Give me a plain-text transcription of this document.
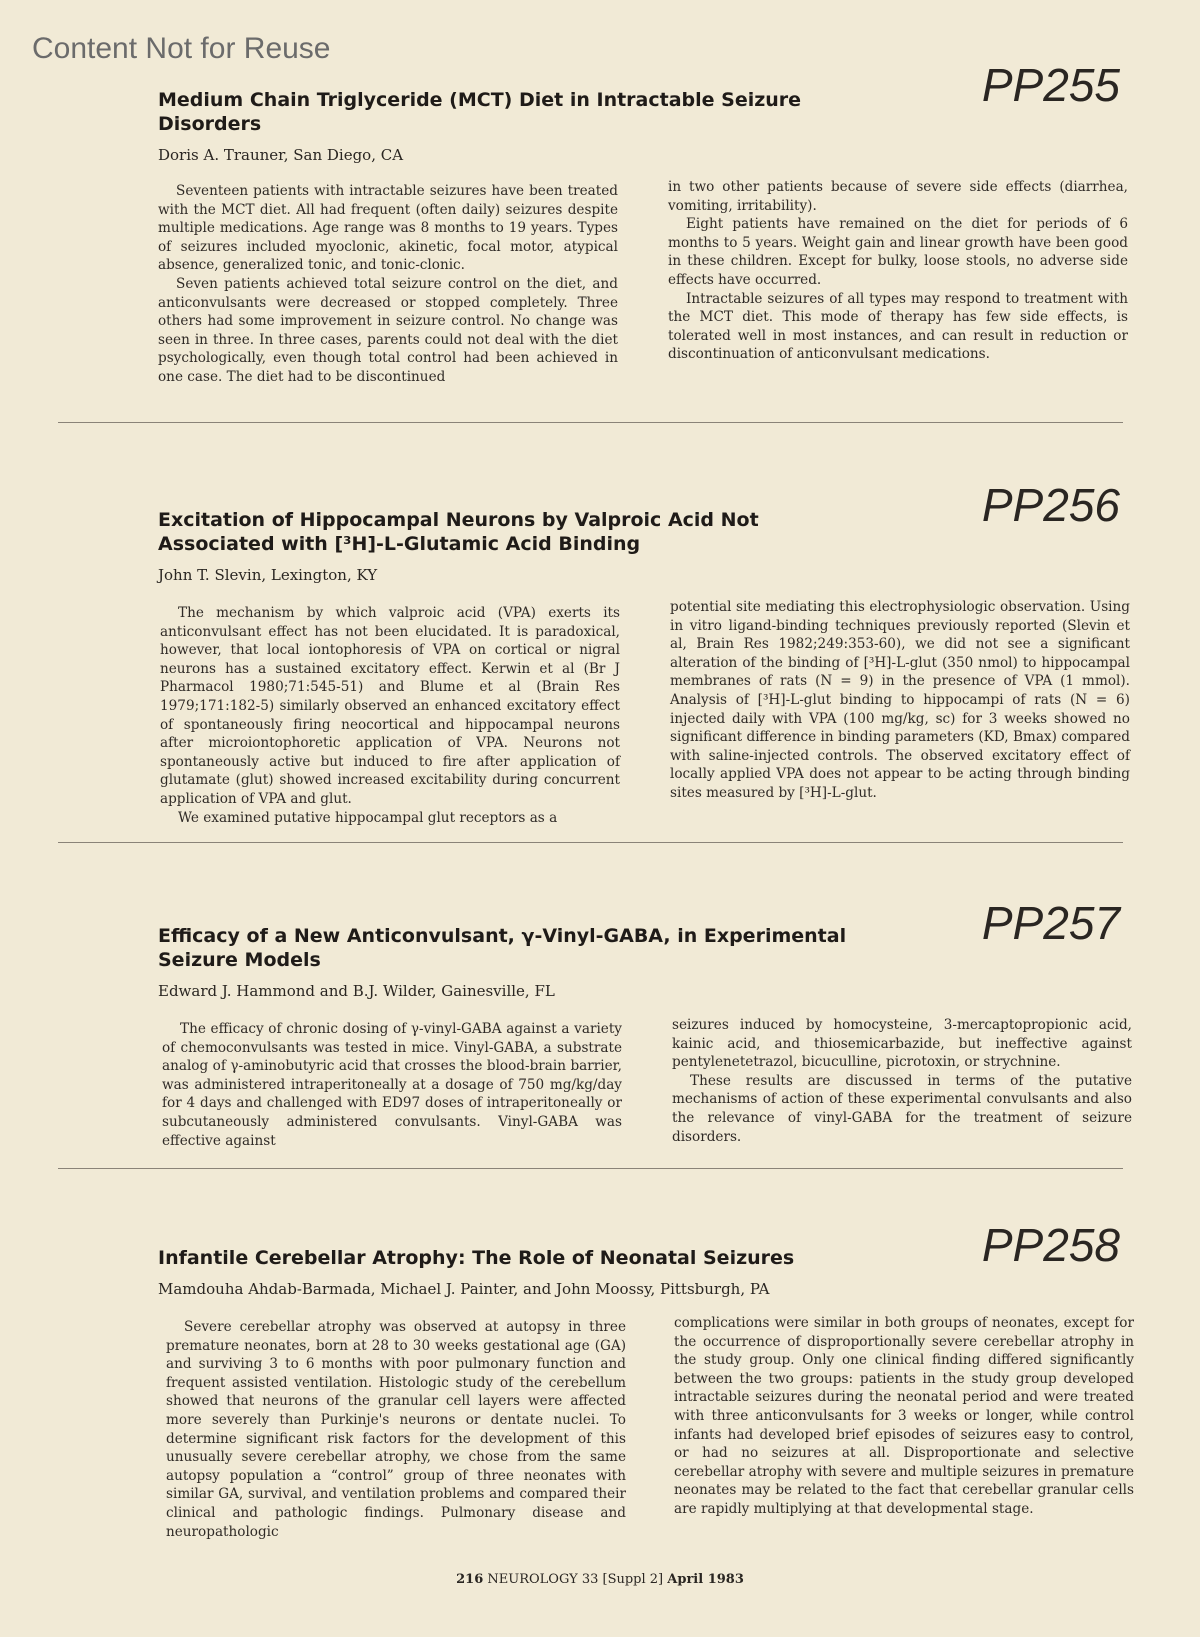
Content Not for Reuse
PP255
Medium Chain Triglyceride (MCT) Diet in Intractable Seizure Disorders
Doris A. Trauner, San Diego, CA

Seventeen patients with intractable seizures have been treated with the MCT diet. All had frequent (often daily) seizures despite multiple medications. Age range was 8 months to 19 years. Types of seizures included myoclonic, akinetic, focal motor, atypical absence, generalized tonic, and tonic-clonic.

Seven patients achieved total seizure control on the diet, and anticonvulsants were decreased or stopped completely. Three others had some improvement in seizure control. No change was seen in three. In three cases, parents could not deal with the diet psychologically, even though total control had been achieved in one case. The diet had to be discontinued

in two other patients because of severe side effects (diarrhea, vomiting, irritability).

Eight patients have remained on the diet for periods of 6 months to 5 years. Weight gain and linear growth have been good in these children. Except for bulky, loose stools, no adverse side effects have occurred.

Intractable seizures of all types may respond to treatment with the MCT diet. This mode of therapy has few side effects, is tolerated well in most instances, and can result in reduction or discontinuation of anticonvulsant medications.

PP256
Excitation of Hippocampal Neurons by Valproic Acid Not Associated with [³H]-L-Glutamic Acid Binding
John T. Slevin, Lexington, KY

The mechanism by which valproic acid (VPA) exerts its anticonvulsant effect has not been elucidated. It is paradoxical, however, that local iontophoresis of VPA on cortical or nigral neurons has a sustained excitatory effect. Kerwin et al (Br J Pharmacol 1980;71:545-51) and Blume et al (Brain Res 1979;171:182-5) similarly observed an enhanced excitatory effect of spontaneously firing neocortical and hippocampal neurons after microiontophoretic application of VPA. Neurons not spontaneously active but induced to fire after application of glutamate (glut) showed increased excitability during concurrent application of VPA and glut.

We examined putative hippocampal glut receptors as a

potential site mediating this electrophysiologic observation. Using in vitro ligand-binding techniques previously reported (Slevin et al, Brain Res 1982;249:353-60), we did not see a significant alteration of the binding of [³H]-L-glut (350 nmol) to hippocampal membranes of rats (N = 9) in the presence of VPA (1 mmol). Analysis of [³H]-L-glut binding to hippocampi of rats (N = 6) injected daily with VPA (100 mg/kg, sc) for 3 weeks showed no significant difference in binding parameters (KD, Bmax) compared with saline-injected controls. The observed excitatory effect of locally applied VPA does not appear to be acting through binding sites measured by [³H]-L-glut.

PP257
Efficacy of a New Anticonvulsant, γ-Vinyl-GABA, in Experimental Seizure Models
Edward J. Hammond and B.J. Wilder, Gainesville, FL

The efficacy of chronic dosing of γ-vinyl-GABA against a variety of chemoconvulsants was tested in mice. Vinyl-GABA, a substrate analog of γ-aminobutyric acid that crosses the blood-brain barrier, was administered intraperitoneally at a dosage of 750 mg/kg/day for 4 days and challenged with ED97 doses of intraperitoneally or subcutaneously administered convulsants. Vinyl-GABA was effective against

seizures induced by homocysteine, 3-mercaptopropionic acid, kainic acid, and thiosemicarbazide, but ineffective against pentylenetetrazol, bicuculline, picrotoxin, or strychnine.

These results are discussed in terms of the putative mechanisms of action of these experimental convulsants and also the relevance of vinyl-GABA for the treatment of seizure disorders.

PP258
Infantile Cerebellar Atrophy: The Role of Neonatal Seizures
Mamdouha Ahdab-Barmada, Michael J. Painter, and John Moossy, Pittsburgh, PA

Severe cerebellar atrophy was observed at autopsy in three premature neonates, born at 28 to 30 weeks gestational age (GA) and surviving 3 to 6 months with poor pulmonary function and frequent assisted ventilation. Histologic study of the cerebellum showed that neurons of the granular cell layers were affected more severely than Purkinje's neurons or dentate nuclei. To determine significant risk factors for the development of this unusually severe cerebellar atrophy, we chose from the same autopsy population a “control” group of three neonates with similar GA, survival, and ventilation problems and compared their clinical and pathologic findings. Pulmonary disease and neuropathologic

complications were similar in both groups of neonates, except for the occurrence of disproportionally severe cerebellar atrophy in the study group. Only one clinical finding differed significantly between the two groups: patients in the study group developed intractable seizures during the neonatal period and were treated with three anticonvulsants for 3 weeks or longer, while control infants had developed brief episodes of seizures easy to control, or had no seizures at all. Disproportionate and selective cerebellar atrophy with severe and multiple seizures in premature neonates may be related to the fact that cerebellar granular cells are rapidly multiplying at that developmental stage.

216 NEUROLOGY 33 [Suppl 2] April 1983
